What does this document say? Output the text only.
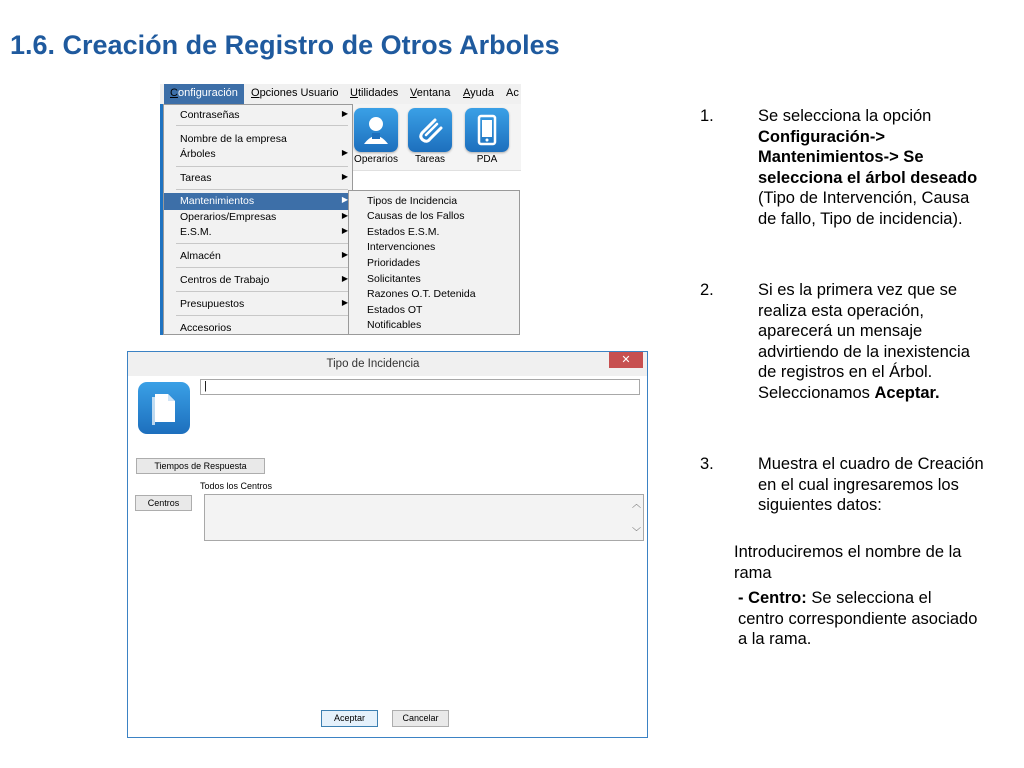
1.6. Creación de Registro de Otros Arboles
Configuración	Opciones Usuario Utilidades Ventana Ayuda Ac
Operarios	Tareas	PDA
Contraseñas	▶
Nombre de la empresa
Árboles	▶
Tareas	▶
Mantenimientos	▶
Operarios/Empresas	▶
E.S.M.	▶
Almacén	▶
Centros de Trabajo	▶
Presupuestos	▶
Accesorios
Tipos de Incidencia
Causas de los Fallos
Estados E.S.M.
Intervenciones
Prioridades
Solicitantes
Razones O.T. Detenida
Estados OT
Notificables
Tipo de Incidencia	✕
|
Tiempos de Respuesta
Todos los Centros
Centros	︿
﹀
Aceptar	Cancelar
1.	Se selecciona la opción Configuración-> Mantenimientos-> Se selecciona el árbol deseado (Tipo de Intervención, Causa de fallo, Tipo de incidencia).
2.	Si es la primera vez que se realiza esta operación, aparecerá un mensaje advirtiendo de la inexistencia de registros en el Árbol. Seleccionamos Aceptar.
3.	Muestra el cuadro de Creación en el cual ingresaremos los siguientes datos:
Introduciremos el nombre de la rama
- Centro: Se selecciona el centro correspondiente asociado a la rama.
